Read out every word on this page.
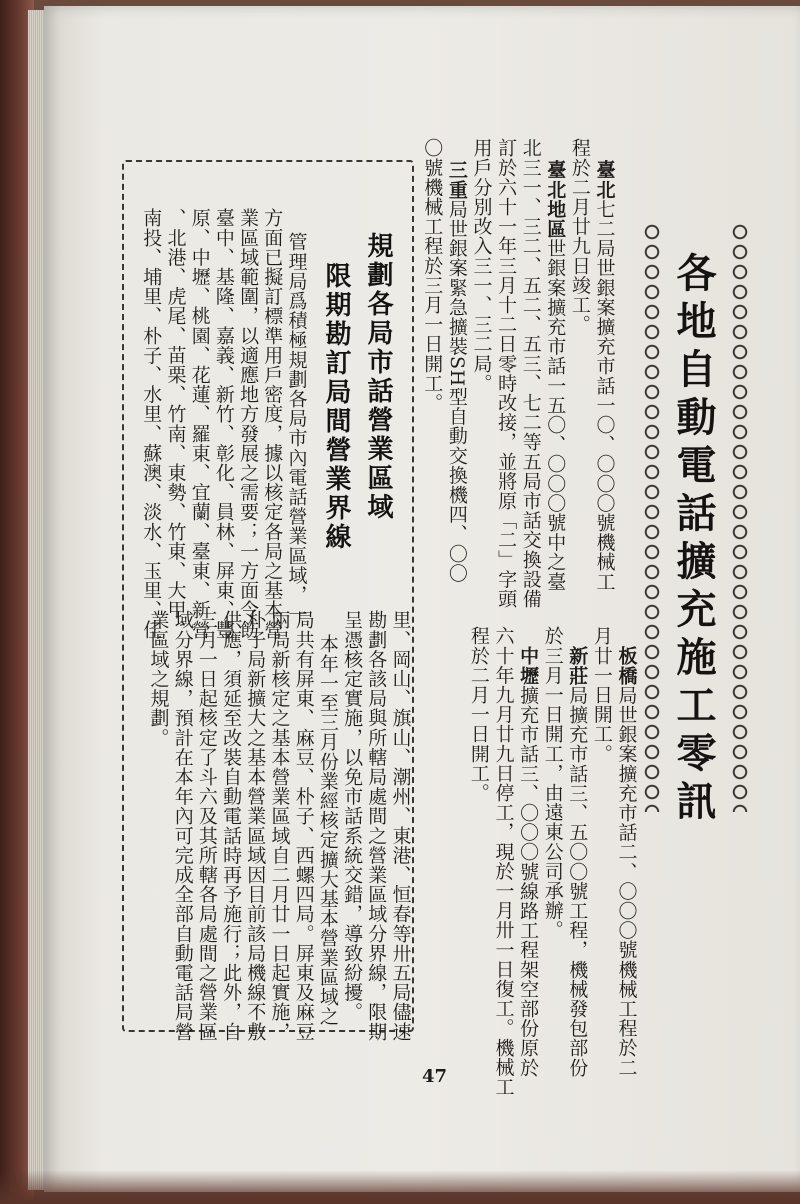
各地自動電話擴充施工零訊
臺北七二局世銀案擴充市話一〇、〇〇〇號機械工
程於二月廿九日竣工。
臺北地區世銀案擴充市話一五〇、〇〇〇號中之臺
北三一、三二、五二、五三、七二等五局市話交換設備
訂於六十一年三月十二日零時改接，並將原「二」字頭
用戶分別改入三一、三二局。
三重局世銀案緊急擴裝SH型自動交換機四、〇〇
〇號機械工程於三月一日開工。
板橋局世銀案擴充市話二、〇〇〇號機械工程於二
月廿一日開工。
新莊局擴充市話三、五〇〇號工程，機械發包部份
於三月一日開工，由遠東公司承辦。
中壢擴充市話三、〇〇〇號線路工程架空部份原於
六十年九月廿九日停工，現於一月卅一日復工。機械工
程於二月一日開工。
規劃各局市話營業區域
限期勘訂局間營業界線
管理局爲積極規劃各局市內電話營業區域，一
方面已擬訂標準用戶密度，據以核定各局之基本營
業區域範圍，以適應地方發展之需要；一方面令飭
臺中、基隆、嘉義、新竹、彰化、員林、屏東、豐
原、中壢、桃園、花蓮、羅東、宜蘭、臺東、新營
、北港、虎尾、苗栗、竹南、東勢、竹東、大甲、
南投、埔里、朴子、水里、蘇澳、淡水、玉里、佳
里、岡山、旗山、潮州、東港、恒春等卅五局儘速
勘劃各該局與所轄局處間之營業區域分界線，限期
呈憑核定實施，以免市話系統交錯，導致紛擾。
本年一至三月份業經核定擴大基本營業區域之
局共有屏東、麻豆、朴子、西螺四局。屏東及麻豆
兩局新核定之基本營業區域自二月廿一日起實施，
朴子局新擴大之基本營業區域因目前該局機線不敷
供應，須延至改裝自動電話時再予施行；此外，自
三月一日起核定了斗六及其所轄各局處間之營業區
域分界線，預計在本年內可完成全部自動電話局營
業區域之規劃。
47
